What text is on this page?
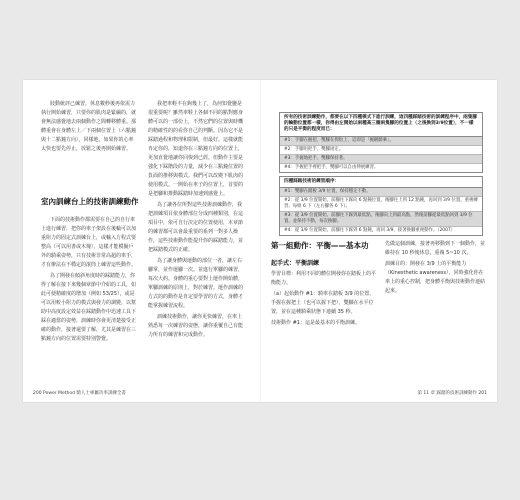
肢動統評已練習，休息數秒後再依需力執行開始練習，只要你的肌肉是緊繃的，就會無法感覺地去兩個動作之間轉移體重。那體重會在身體左上／下兩個位置上（六點鐘與十二點鐘方向），同樣地，如果你的心率太快也要先停止，放鬆之後再開始練習。

室內訓練台上的技術訓練動作

下面的技術動作都需要在自己的自行車上進行練習，把你的車子架設在後輪可以加重阻力的固定式訓練台上，或輸入方程式要整高（可以用書或木塊），這樣才能模擬戶外的騎乘姿勢，只有技術非常高超的車手，才有辦法在不穩定的滾筒上練習這些動作。

為了開發在傾斜角度時的踩踏能力，你得了解在接下來幾個章節中介紹的工具，如此可使精確度的增加（例如 53/25），或是可以用較小阻力的模式與發力的調變，以幫助中高度設定效益在踩踏動作中迅速工具下踩在適當的姿勢，訓練時你會更清楚接受正確的動作，接著還要了解，尤其是練習在三點鐘方向的位置需要特別警覺。

我把車輕丰在鉤幾上了，為何知覺鹽是很重要呢？雖然車鞋上各個不同的點對應身體可以的一部份上，不然它們的位置與時機的精確性的的看你自己的判斷。因為它不是踩踏過程和物理和限制，但最好。這樣就能肯定你的，知道你在三點鐘方向的位置上，更加直覺地讓你回復到已經。但動作主要是強化下踩階段的力量，減少在三點鐘位置的負面的推移與模式。我們可以改變下肌肉的使用模式。一開始在車子的位置上，首要的是把腳和推動踩踏時加速到感覺上。

為了讓各位所對這些技術訓練動作，我把訓練項目依身體部位分成四種類別，在這項目中，依可自行決定的位置使用，本章節的練習都可以會最重要的系列一對多人操作，這些技術動作能提升你的踩踏能力，並把踩踏模式的正確。

為了讓身體與運動的部位一者，讓左右腳掌，並作運腳一次。並進行單腳的練習，每次大約。身體的重心要對上運作開始體，單腳訓練的原則上，對於練習。運作訓練的方式的的動作是肯定要學習的方式，身體才能掌握練習流程。

訓練技術動作，讓你更快練習，在車上熟悉每一次練習的姿態，讓你重覆自己有能力所有的練習和完成動作。

200 Power Method 騎人士專屬功率訓練全書
所有的技術訓練動作，都要在以下四種模式下進行訓練，這四種踩踏技術的訓練程序中，兩隻腳的輪動位置都一樣，你得由左開始以兩種高三圈兩隻腳的位置上（之後換到3/9位置），不一樣的只是平衡的程度而已：
#1：手腳在握把，雙腳在拇指上，這即是「握鏈騎乘」。
#2：手腳用把手，雙腳固定。
#3：手握地把手，雙腳保持著。
#4：手握把手裡把手，雙腳可以自由伸展練習。
四種踩踏技術的練習順序：
#1：雙腳在踏板 3/9 位置，保持穩定不動。
#2：從 3/9 位置開始，前腳往下踩向 6 點鐘位置，後腳往上到 12 點鐘，再回到 3/9 位置，重複練習，每組 6 下（左右腳各 6 下）。
#3：從 3/9 位置開始，前腳往下踩到最低點，後腳向上到最高點，然後前腳從最低點回到 3/9 位置，並保持不動，每次換腳。
#4：從 3/9 位置開始，前腳往下踩到 6 點鐘，再回 3/9，接著換腳重複動作。（2007）
第一組動作：平衡——基本功
起手式：平衡訓練

學習目標：利用不同的體位開發你在踏板上的平衡能力。

（a）起始動作 #1：騎車在踏板 3/9 的位置，手握在握把上（也可以握下把），雙腳在水平位置，並在這種騎乘狀態下連續 35 秒。

技術動作 #1：這是最基本的平衡訓練。

先做這個訓練，接著再移動到下一個動作，並維持在 10 秒後休息，重複 5~10 次。

訓練目的：開發在 3/9 上的平衡能力（Kinesthetic awareness），同時強化你在車上的重心控制，把身體平衡與技術動作連結起來。

第 11 章 踩踏的技術訓練動作 201
